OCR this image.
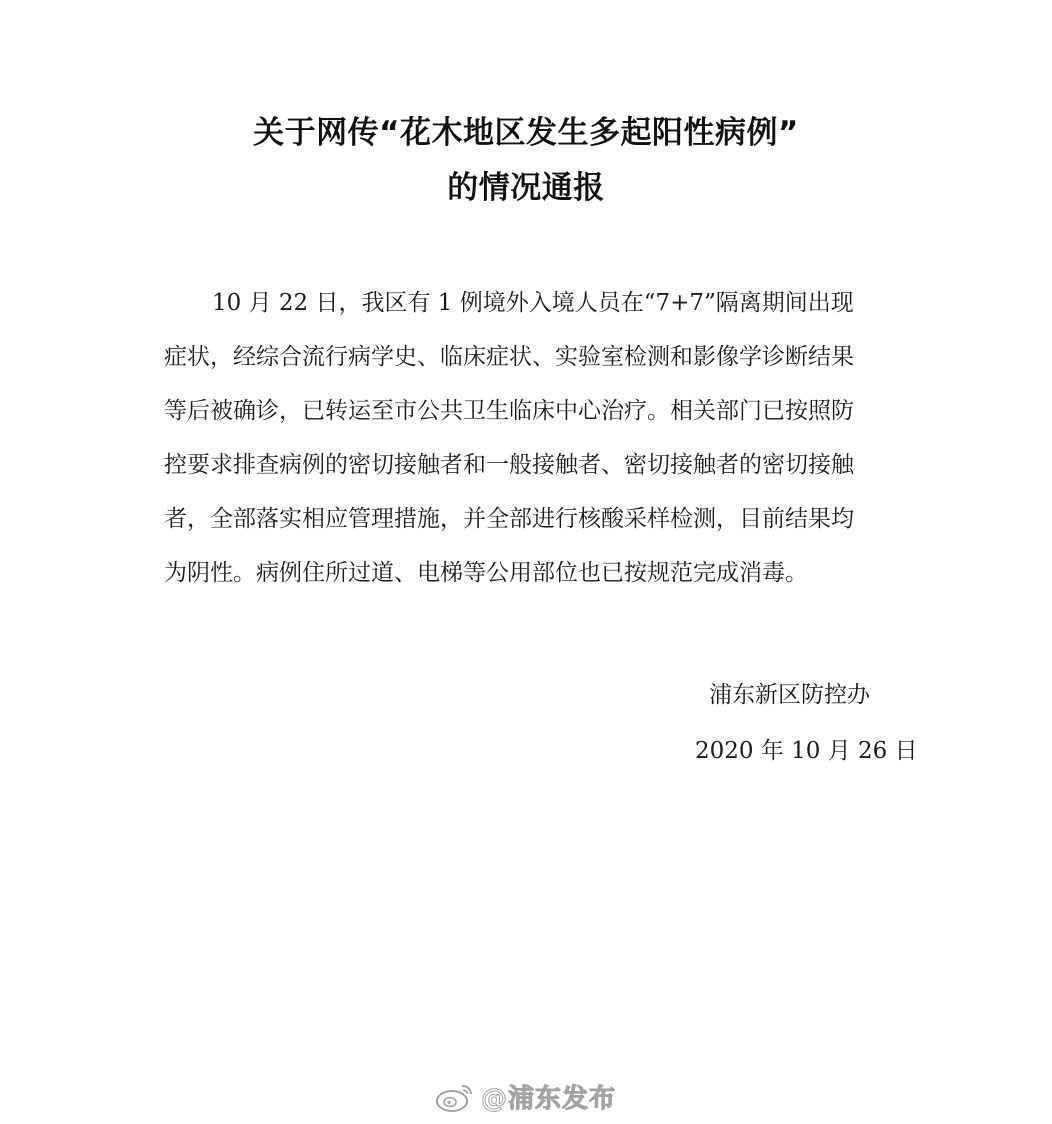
关于网传“花木地区发生多起阳性病例”
的情况通报
10 月 22 日，我区有 1 例境外入境人员在“7+7”隔离期间出现
症状，经综合流行病学史、临床症状、实验室检测和影像学诊断结果
等后被确诊，已转运至市公共卫生临床中心治疗。相关部门已按照防
控要求排查病例的密切接触者和一般接触者、密切接触者的密切接触
者，全部落实相应管理措施，并全部进行核酸采样检测，目前结果均
为阴性。病例住所过道、电梯等公用部位也已按规范完成消毒。
浦东新区防控办
2020 年 10 月 26 日
@浦东发布
